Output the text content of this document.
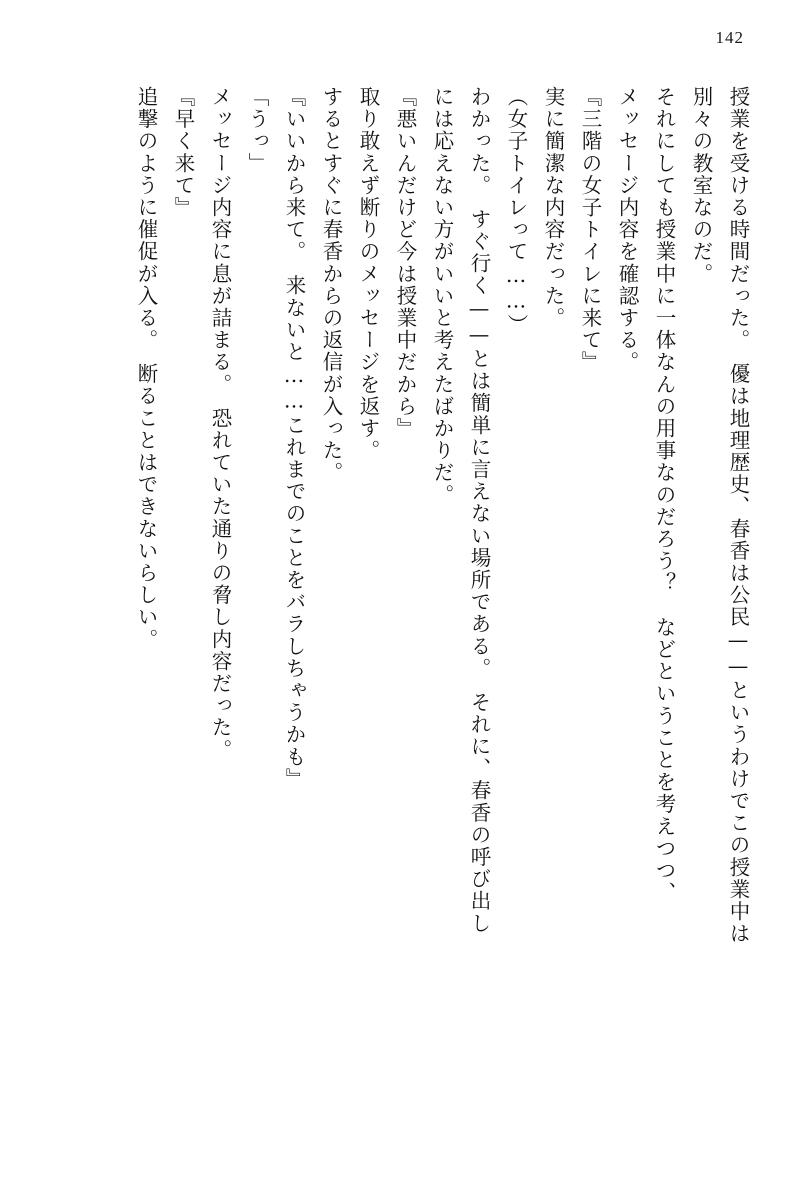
142
授業を受ける時間だった。　優は地理歴史、春香は公民——というわけでこの授業中は
別々の教室なのだ。
それにしても授業中に一体なんの用事なのだろう？　などということを考えつつ、
メッセージ内容を確認する。
『三階の女子トイレに来て』
実に簡潔な内容だった。
（女子トイレって……）
わかった。　すぐ行く——とは簡単に言えない場所である。　それに、春香の呼び出し
には応えない方がいいと考えたばかりだ。
『悪いんだけど今は授業中だから』
取り敢えず断りのメッセージを返す。
するとすぐに春香からの返信が入った。
『いいから来て。　来ないと……これまでのことをバラしちゃうかも』
「うっ」
メッセージ内容に息が詰まる。　恐れていた通りの脅し内容だった。
『早く来て』
追撃のように催促が入る。　断ることはできないらしい。
